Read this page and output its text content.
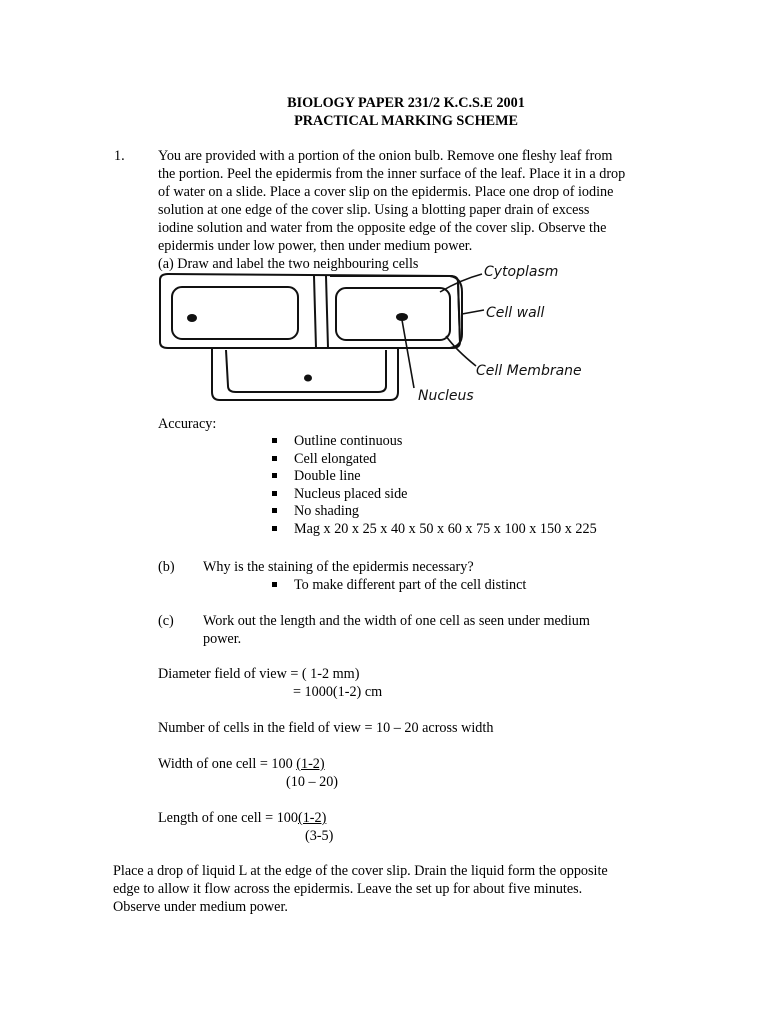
BIOLOGY PAPER 231/2 K.C.S.E 2001
PRACTICAL MARKING SCHEME
1. You are provided with a portion of the onion bulb. Remove one fleshy leaf from
the portion. Peel the epidermis from the inner surface of the leaf. Place it in a drop
of water on a slide. Place a cover slip on the epidermis. Place one drop of iodine
solution at one edge of the cover slip. Using a blotting paper drain of excess
iodine solution and water from the opposite edge of the cover slip. Observe the
epidermis under low power, then under medium power.
(a) Draw and label the two neighbouring cells	Cytoplasm
Cell wall
Cell Membrane
Nucleus
Accuracy:
Outline continuous
Cell elongated
Double line
Nucleus placed side
No shading
Mag x 20 x 25 x 40 x 50 x 60 x 75 x 100 x 150 x 225
(b) Why is the staining of the epidermis necessary?
To make different part of the cell distinct
(c) Work out the length and the width of one cell as seen under medium
power.
Diameter field of view = ( 1-2 mm)
= 1000(1-2) cm
Number of cells in the field of view = 10 – 20 across width
Width of one cell = 100 (1-2)
(10 – 20)
Length of one cell = 100(1-2)
(3-5)
Place a drop of liquid L at the edge of the cover slip. Drain the liquid form the opposite
edge to allow it flow across the epidermis. Leave the set up for about five minutes.
Observe under medium power.
